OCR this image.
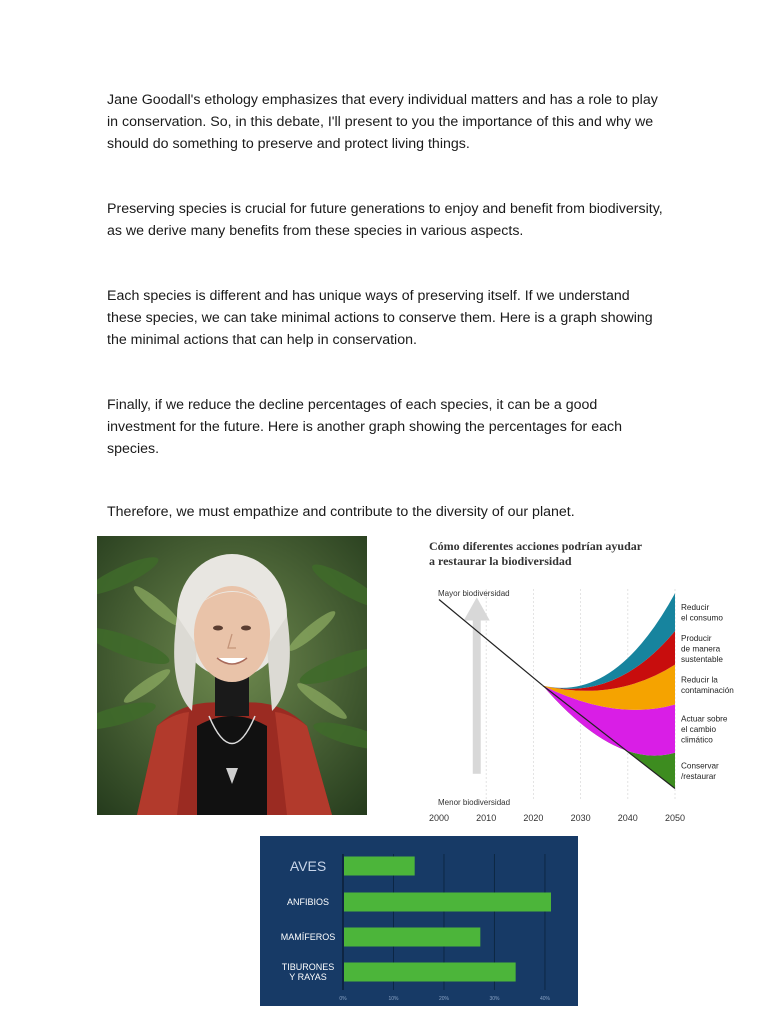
Jane Goodall's ethology emphasizes that every individual matters and has a role to play in conservation. So, in this debate, I'll present to you the importance of this and why we should do something to preserve and protect living things.

Preserving species is crucial for future generations to enjoy and benefit from biodiversity, as we derive many benefits from these species in various aspects.

Each species is different and has unique ways of preserving itself. If we understand these species, we can take minimal actions to conserve them. Here is a graph showing the minimal actions that can help in conservation.

Finally, if we reduce the decline percentages of each species, it can be a good investment for the future. Here is another graph showing the percentages for each species.

Therefore, we must empathize and contribute to the diversity of our planet.

Cómo diferentes acciones podrían ayudar
a restaurar la biodiversidad
Mayor biodiversidad
Menor biodiversidad
2000	2010	2020	2030	2040	2050
Conservar
/restaurar
Actuar sobre
el cambio
climático
Reducir la
contaminación
Producir
de manera
sustentable
Reducir
el consumo
AVES
ANFIBIOS
MAMÍFEROS
TIBURONES
Y RAYAS
0%	10%	20%	30%	40%
